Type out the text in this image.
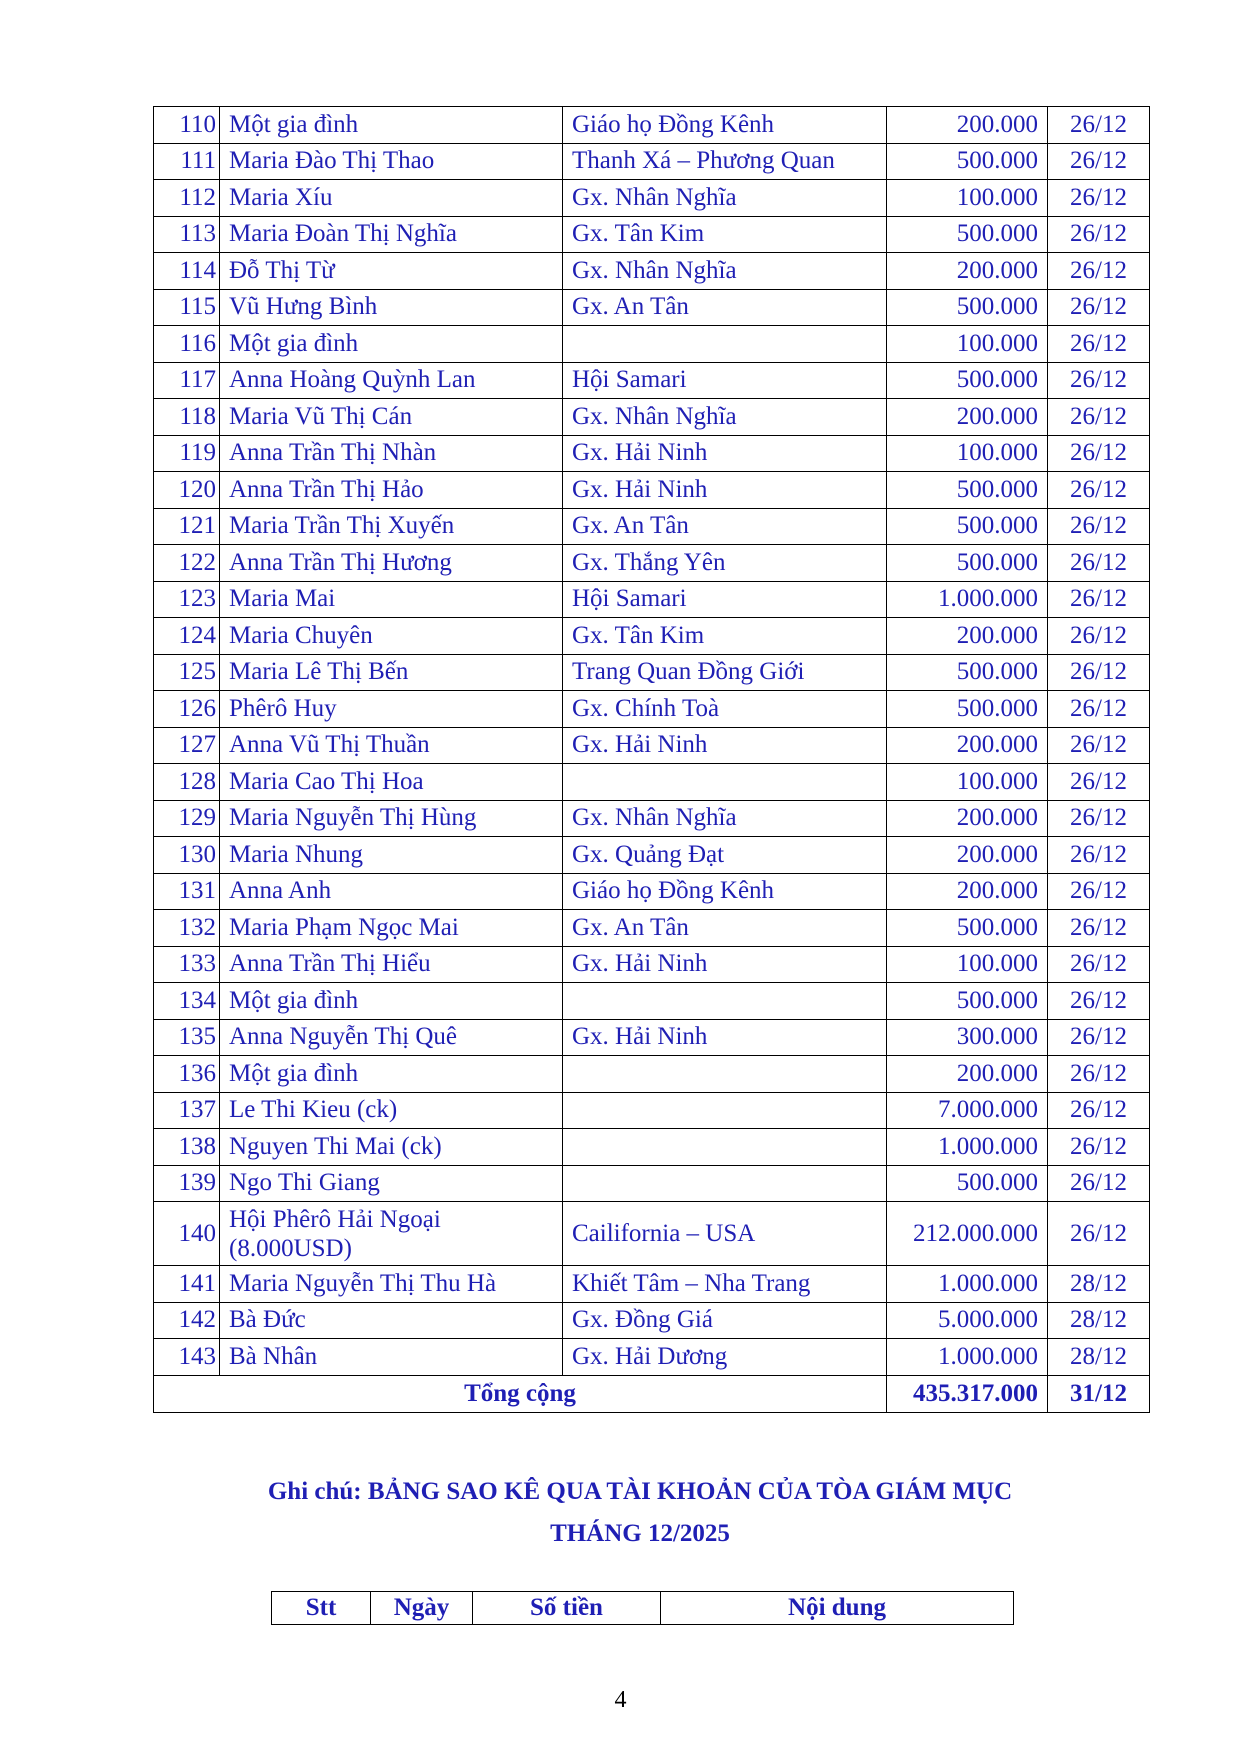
110	Một gia đình	Giáo họ Đồng Kênh	200.000	26/12
111	Maria Đào Thị Thao	Thanh Xá – Phương Quan	500.000	26/12
112	Maria Xíu	Gx. Nhân Nghĩa	100.000	26/12
113	Maria Đoàn Thị Nghĩa	Gx. Tân Kim	500.000	26/12
114	Đỗ Thị Từ	Gx. Nhân Nghĩa	200.000	26/12
115	Vũ Hưng Bình	Gx. An Tân	500.000	26/12
116	Một gia đình		100.000	26/12
117	Anna Hoàng Quỳnh Lan	Hội Samari	500.000	26/12
118	Maria Vũ Thị Cán	Gx. Nhân Nghĩa	200.000	26/12
119	Anna Trần Thị Nhàn	Gx. Hải Ninh	100.000	26/12
120	Anna Trần Thị Hảo	Gx. Hải Ninh	500.000	26/12
121	Maria Trần Thị Xuyến	Gx. An Tân	500.000	26/12
122	Anna Trần Thị Hương	Gx. Thắng Yên	500.000	26/12
123	Maria Mai	Hội Samari	1.000.000	26/12
124	Maria Chuyên	Gx. Tân Kim	200.000	26/12
125	Maria Lê Thị Bến	Trang Quan Đồng Giới	500.000	26/12
126	Phêrô Huy	Gx. Chính Toà	500.000	26/12
127	Anna Vũ Thị Thuần	Gx. Hải Ninh	200.000	26/12
128	Maria Cao Thị Hoa		100.000	26/12
129	Maria Nguyễn Thị Hùng	Gx. Nhân Nghĩa	200.000	26/12
130	Maria Nhung	Gx. Quảng Đạt	200.000	26/12
131	Anna Anh	Giáo họ Đồng Kênh	200.000	26/12
132	Maria Phạm Ngọc Mai	Gx. An Tân	500.000	26/12
133	Anna Trần Thị Hiểu	Gx. Hải Ninh	100.000	26/12
134	Một gia đình		500.000	26/12
135	Anna Nguyễn Thị Quê	Gx. Hải Ninh	300.000	26/12
136	Một gia đình		200.000	26/12
137	Le Thi Kieu (ck)		7.000.000	26/12
138	Nguyen Thi Mai (ck)		1.000.000	26/12
139	Ngo Thi Giang		500.000	26/12
140	Hội Phêrô Hải Ngoại (8.000USD)	Cailifornia – USA	212.000.000	26/12
141	Maria Nguyễn Thị Thu Hà	Khiết Tâm – Nha Trang	1.000.000	28/12
142	Bà Đức	Gx. Đồng Giá	5.000.000	28/12
143	Bà Nhân	Gx. Hải Dương	1.000.000	28/12
Tổng cộng			435.317.000	31/12
Ghi chú: BẢNG SAO KÊ QUA TÀI KHOẢN CỦA TÒA GIÁM MỤC
THÁNG 12/2025
Stt	Ngày	Số tiền	Nội dung
4
